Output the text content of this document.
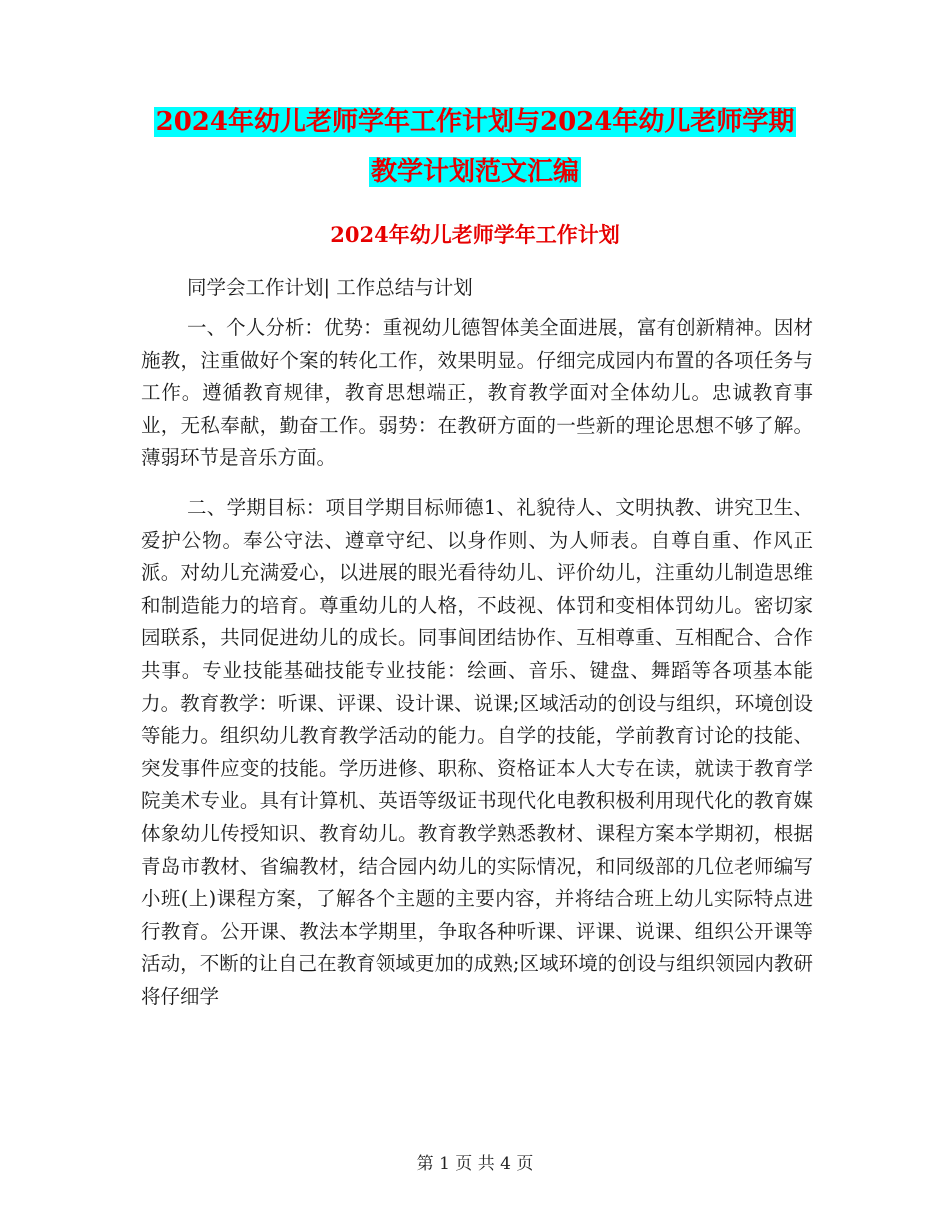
2024年幼儿老师学年工作计划与2024年幼儿老师学期
教学计划范文汇编
2024年幼儿老师学年工作计划
同学会工作计划| 工作总结与计划

一、个人分析：优势：重视幼儿德智体美全面进展，富有创新精神。因材施教，注重做好个案的转化工作，效果明显。仔细完成园内布置的各项任务与工作。遵循教育规律，教育思想端正，教育教学面对全体幼儿。忠诚教育事业，无私奉献，勤奋工作。弱势：在教研方面的一些新的理论思想不够了解。薄弱环节是音乐方面。

二、学期目标：项目学期目标师德1、礼貌待人、文明执教、讲究卫生、爱护公物。奉公守法、遵章守纪、以身作则、为人师表。自尊自重、作风正派。对幼儿充满爱心，以进展的眼光看待幼儿、评价幼儿，注重幼儿制造思维和制造能力的培育。尊重幼儿的人格，不歧视、体罚和变相体罚幼儿。密切家园联系，共同促进幼儿的成长。同事间团结协作、互相尊重、互相配合、合作共事。专业技能基础技能专业技能：绘画、音乐、键盘、舞蹈等各项基本能力。教育教学：听课、评课、设计课、说课;区域活动的创设与组织，环境创设等能力。组织幼儿教育教学活动的能力。自学的技能，学前教育讨论的技能、突发事件应变的技能。学历进修、职称、资格证本人大专在读，就读于教育学院美术专业。具有计算机、英语等级证书现代化电教积极利用现代化的教育媒体象幼儿传授知识、教育幼儿。教育教学熟悉教材、课程方案本学期初，根据青岛市教材、省编教材，结合园内幼儿的实际情况，和同级部的几位老师编写小班(上)课程方案，了解各个主题的主要内容，并将结合班上幼儿实际特点进行教育。公开课、教法本学期里，争取各种听课、评课、说课、组织公开课等活动，不断的让自己在教育领域更加的成熟;区域环境的创设与组织领园内教研将仔细学

第 1 页 共 4 页
